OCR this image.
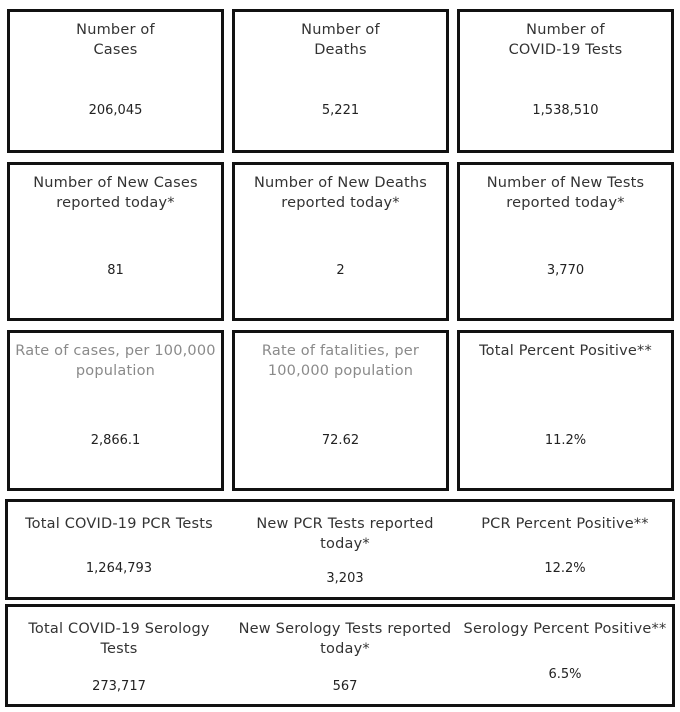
Number of
Cases
206,045
Number of
Deaths
5,221
Number of
COVID-19 Tests
1,538,510
Number of New Cases
reported today*
81
Number of New Deaths
reported today*
2
Number of New Tests
reported today*
3,770
Rate of cases, per 100,000
population
2,866.1
Rate of fatalities, per
100,000 population
72.62
Total Percent Positive**
11.2%
Total COVID-19 PCR Tests
1,264,793
New PCR Tests reported
today*
3,203
PCR Percent Positive**
12.2%
Total COVID-19 Serology
Tests
273,717
New Serology Tests reported
today*
567
Serology Percent Positive**
6.5%
